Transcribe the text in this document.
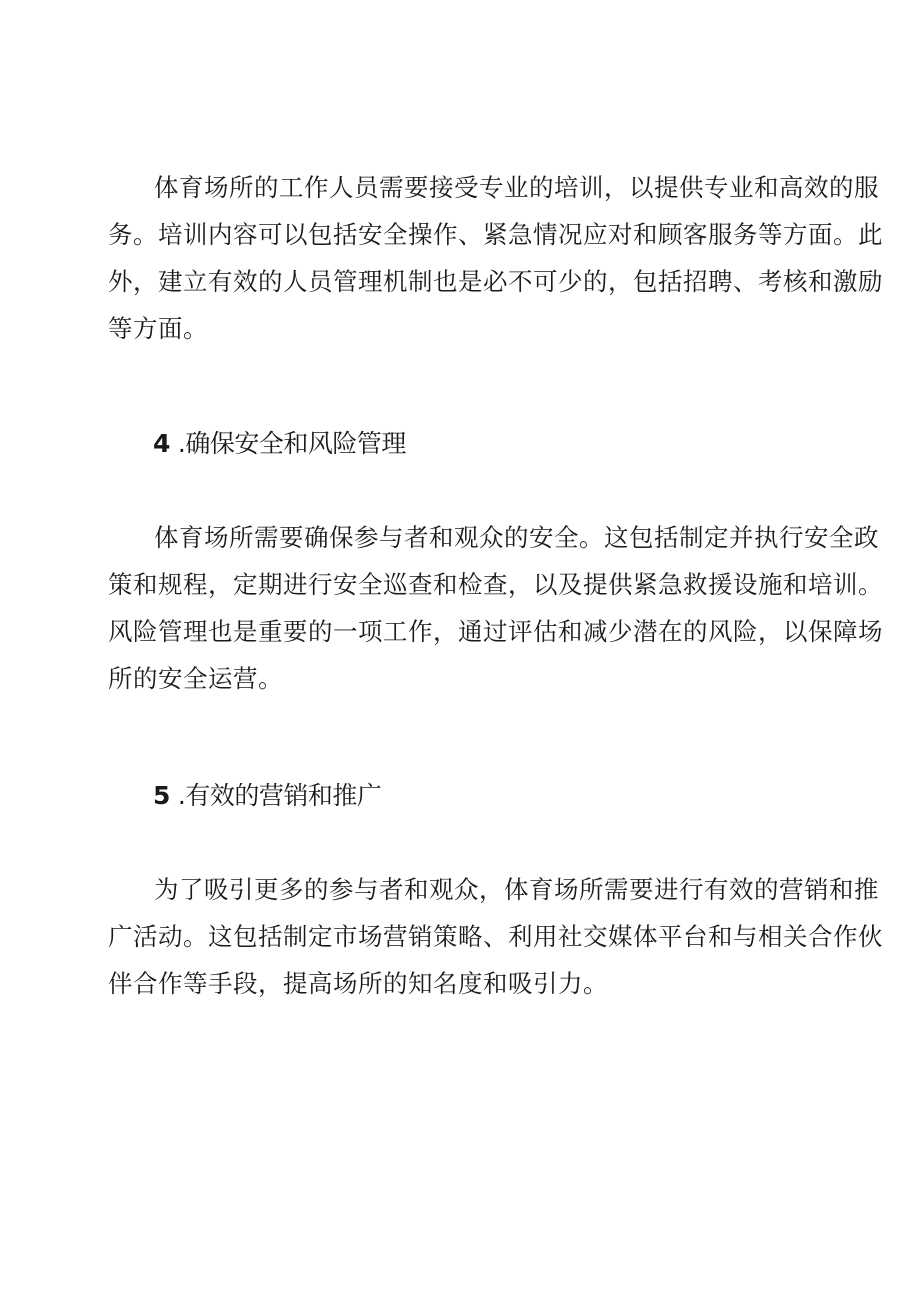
体育场所的工作人员需要接受专业的培训，以提供专业和高效的服
务。培训内容可以包括安全操作、紧急情况应对和顾客服务等方面。此
外，建立有效的人员管理机制也是必不可少的，包括招聘、考核和激励
等方面。

4 .确保安全和风险管理

体育场所需要确保参与者和观众的安全。这包括制定并执行安全政
策和规程，定期进行安全巡查和检查，以及提供紧急救援设施和培训。
风险管理也是重要的一项工作，通过评估和减少潜在的风险，以保障场
所的安全运营。

5 .有效的营销和推广

为了吸引更多的参与者和观众，体育场所需要进行有效的营销和推
广活动。这包括制定市场营销策略、利用社交媒体平台和与相关合作伙
伴合作等手段，提高场所的知名度和吸引力。
